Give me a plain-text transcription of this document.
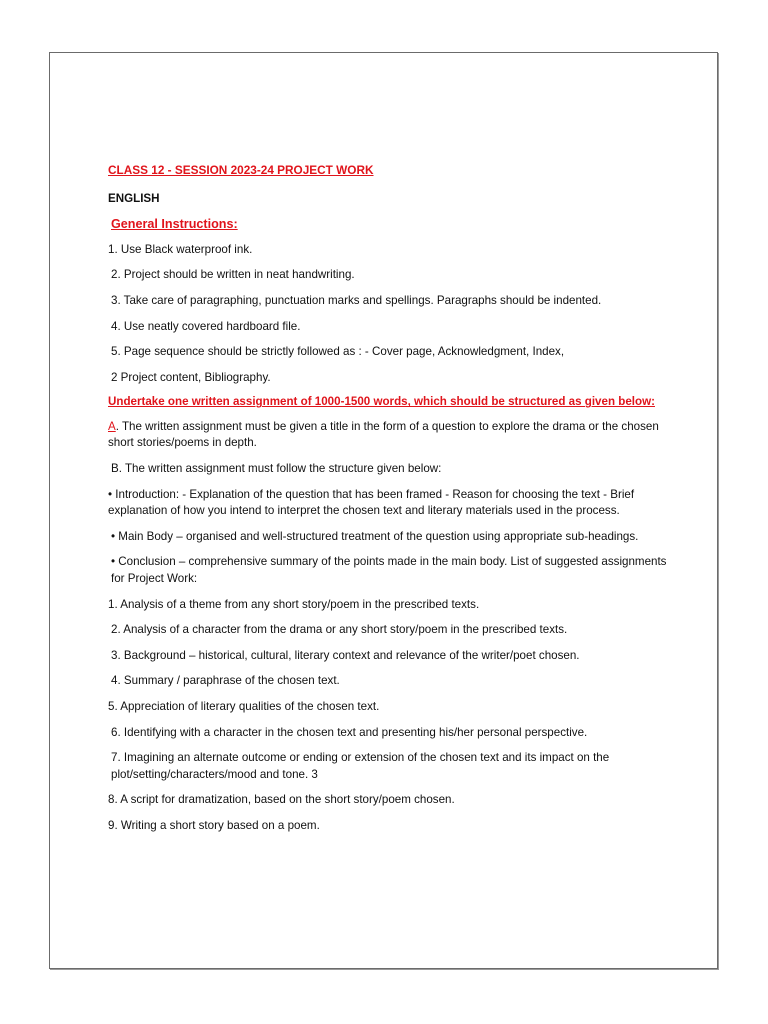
CLASS 12 - SESSION 2023-24 PROJECT WORK

ENGLISH

General Instructions:

1. Use Black waterproof ink.

2. Project should be written in neat handwriting.

3. Take care of paragraphing, punctuation marks and spellings. Paragraphs should be indented.

4. Use neatly covered hardboard file.

5. Page sequence should be strictly followed as : - Cover page, Acknowledgment, Index,

2 Project content, Bibliography.

Undertake one written assignment of 1000-1500 words, which should be structured as given below:

A. The written assignment must be given a title in the form of a question to explore the drama or the chosen short stories/poems in depth.

B. The written assignment must follow the structure given below:

• Introduction: - Explanation of the question that has been framed - Reason for choosing the text - Brief explanation of how you intend to interpret the chosen text and literary materials used in the process.

• Main Body – organised and well-structured treatment of the question using appropriate sub-headings.

• Conclusion – comprehensive summary of the points made in the main body. List of suggested assignments for Project Work:

1. Analysis of a theme from any short story/poem in the prescribed texts.

2. Analysis of a character from the drama or any short story/poem in the prescribed texts.

3. Background – historical, cultural, literary context and relevance of the writer/poet chosen.

4. Summary / paraphrase of the chosen text.

5. Appreciation of literary qualities of the chosen text.

6. Identifying with a character in the chosen text and presenting his/her personal perspective.

7. Imagining an alternate outcome or ending or extension of the chosen text and its impact on the plot/setting/characters/mood and tone. 3

8. A script for dramatization, based on the short story/poem chosen.

9. Writing a short story based on a poem.
